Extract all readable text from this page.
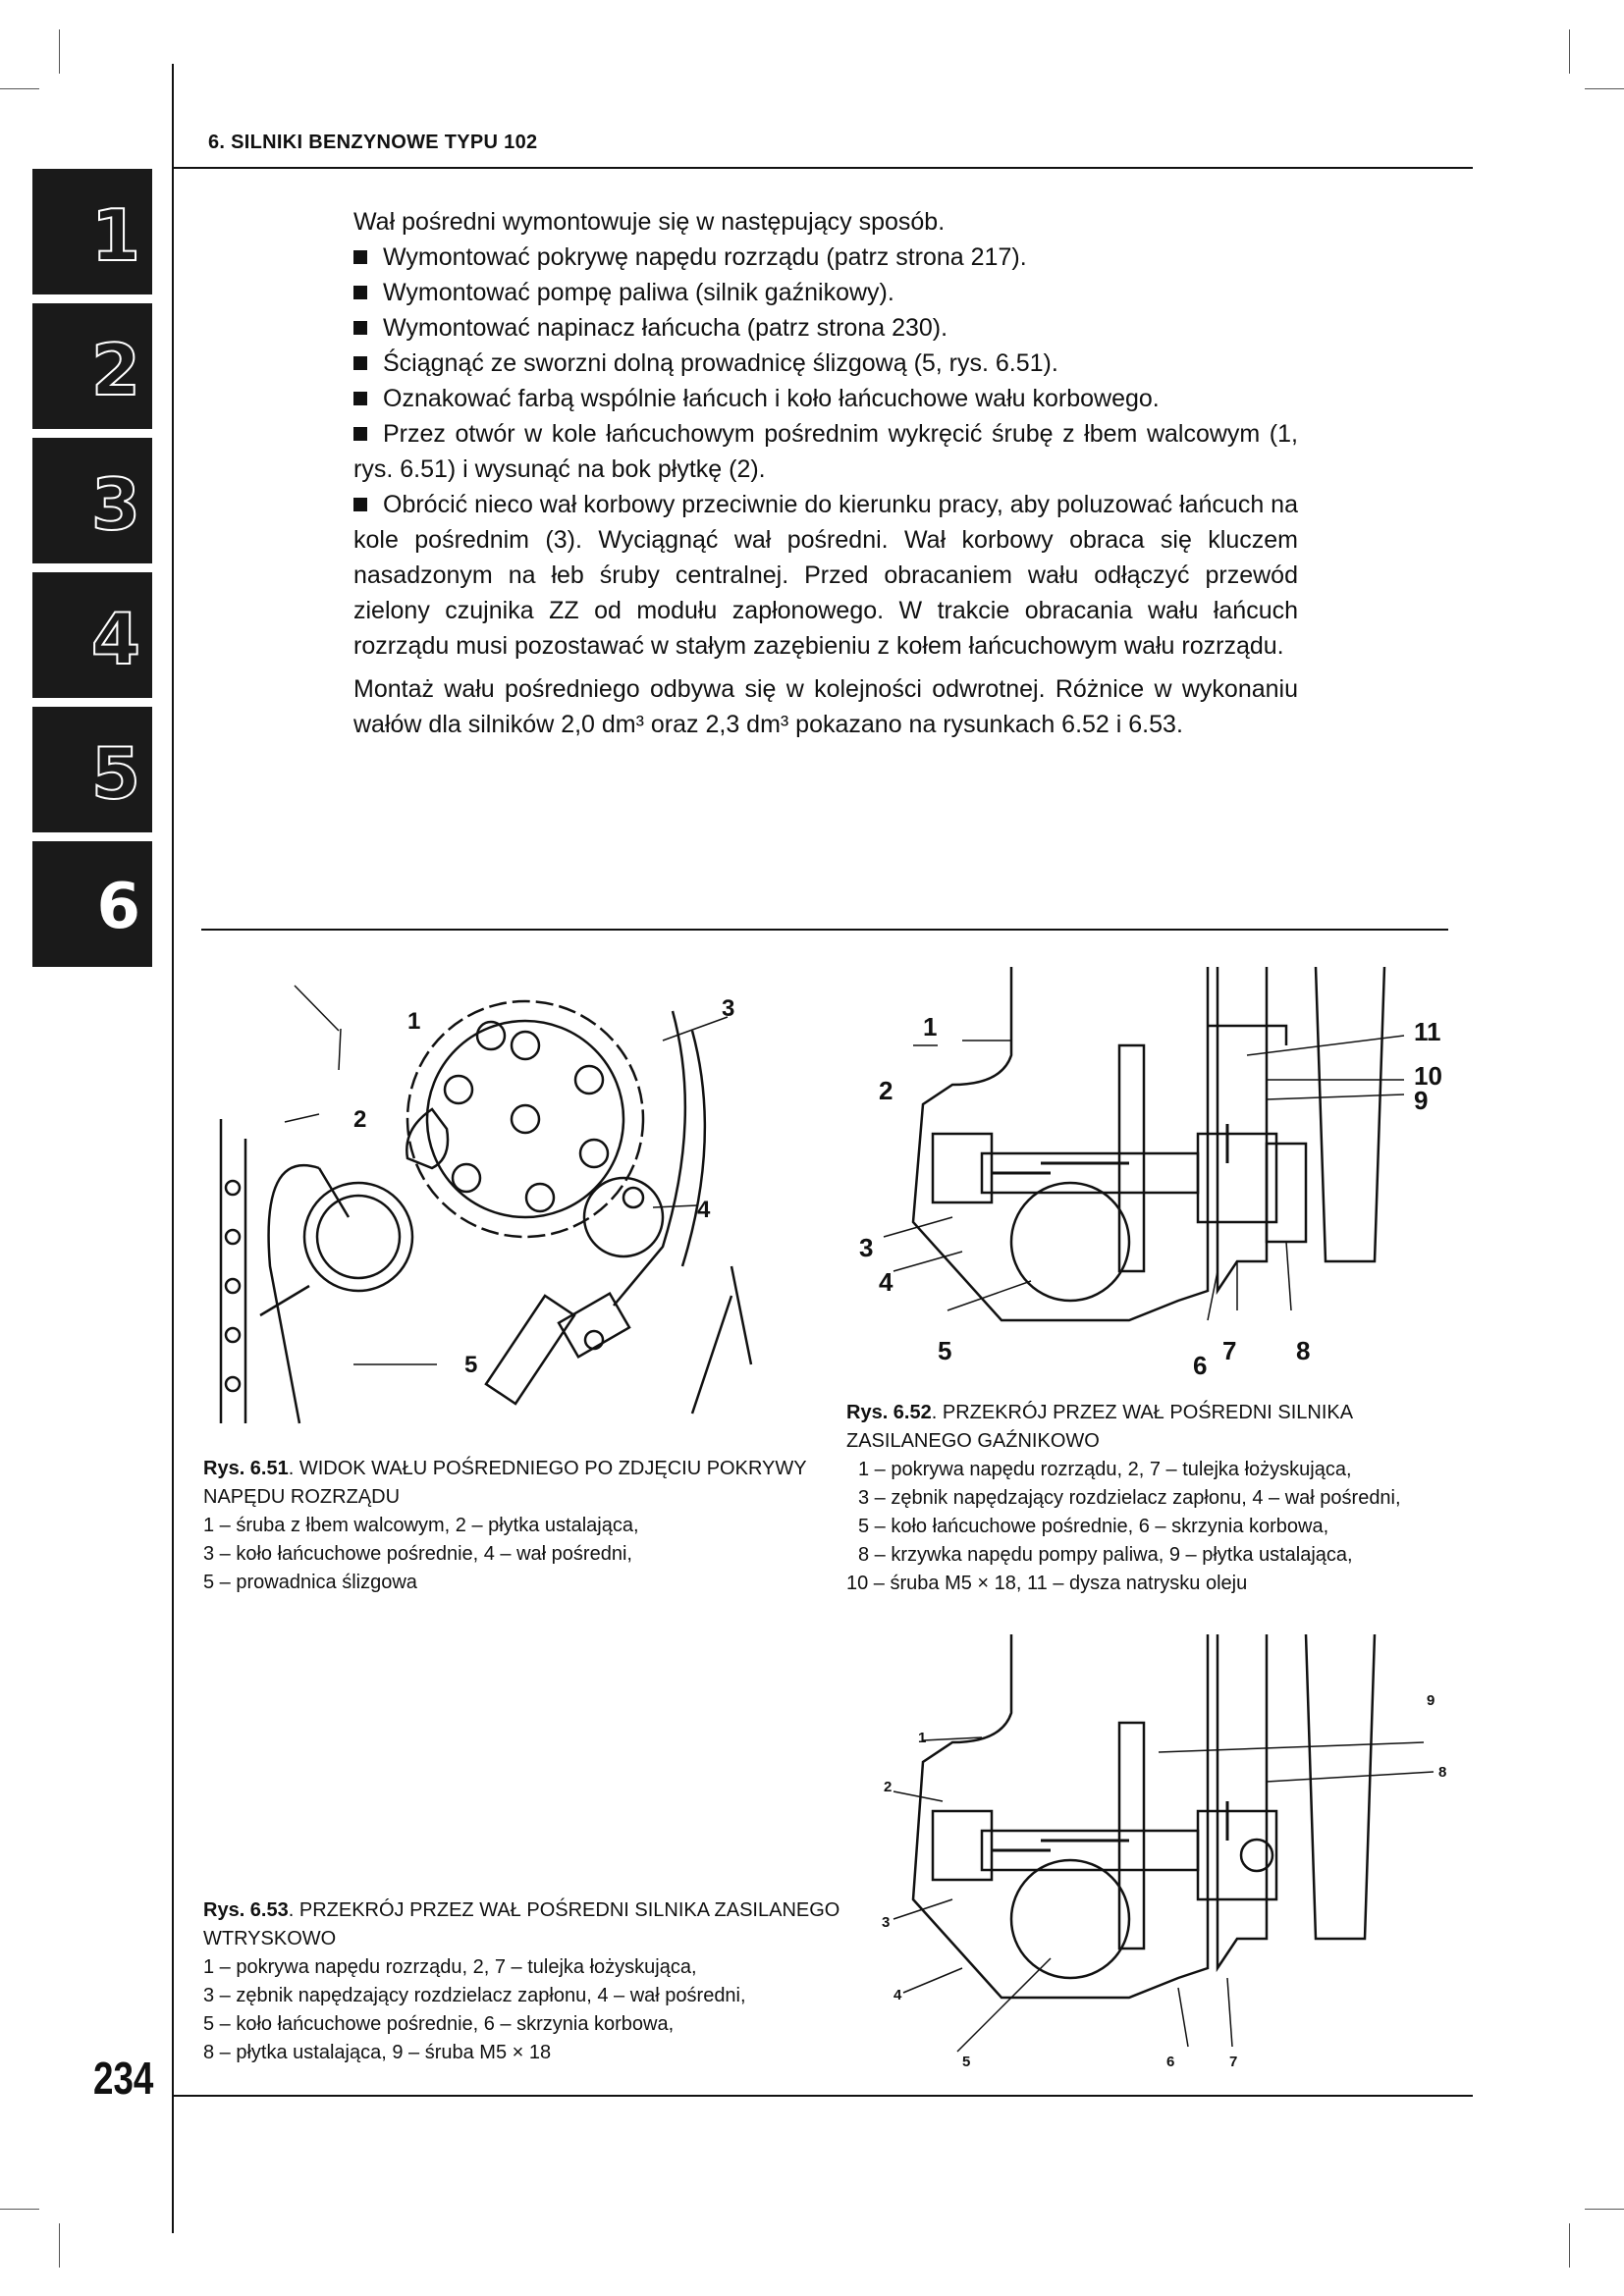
6. SILNIKI BENZYNOWE TYPU 102
1
2
3
4
5
6

Wał pośredni wymontowuje się w następujący sposób.

Wymontować pokrywę napędu rozrządu (patrz strona 217).

Wymontować pompę paliwa (silnik gaźnikowy).

Wymontować napinacz łańcucha (patrz strona 230).

Ściągnąć ze sworzni dolną prowadnicę ślizgową (5, rys. 6.51).

Oznakować farbą wspólnie łańcuch i koło łańcuchowe wału korbowego.

Przez otwór w kole łańcuchowym pośrednim wykręcić śrubę z łbem walcowym (1, rys. 6.51) i wysunąć na bok płytkę (2).

Obrócić nieco wał korbowy przeciwnie do kierunku pracy, aby poluzować łańcuch na kole pośrednim (3). Wyciągnąć wał pośredni. Wał korbowy obraca się kluczem nasadzonym na łeb śruby centralnej. Przed obracaniem wału odłączyć przewód zielony czujnika ZZ od modułu zapłonowego. W trakcie obracania wału łańcuch rozrządu musi pozostawać w stałym zazębieniu z kołem łańcuchowym wału rozrządu.

Montaż wału pośredniego odbywa się w kolejności odwrotnej. Różnice w wykonaniu wałów dla silników 2,0 dm³ oraz 2,3 dm³ pokazano na rysunkach 6.52 i 6.53.

1
2
3
4
5
Rys. 6.51. WIDOK WAŁU POŚREDNIEGO PO ZDJĘCIU POKRYWY NAPĘDU ROZRZĄDU
1 – śruba z łbem walcowym, 2 – płytka ustalająca,
3 – koło łańcuchowe pośrednie, 4 – wał pośredni,
5 – prowadnica ślizgowa
1
2
3
4
5	6 7 8
9
10
11
Rys. 6.52. PRZEKRÓJ PRZEZ WAŁ POŚREDNI SILNIKA ZASILANEGO GAŹNIKOWO
1 – pokrywa napędu rozrządu, 2, 7 – tulejka łożyskująca,
3 – zębnik napędzający rozdzielacz zapłonu, 4 – wał pośredni,
5 – koło łańcuchowe pośrednie, 6 – skrzynia korbowa,
8 – krzywka napędu pompy paliwa, 9 – płytka ustalająca,
10 – śruba M5 × 18, 11 – dysza natrysku oleju
1
2
3
4
5	6	7
8
9
Rys. 6.53. PRZEKRÓJ PRZEZ WAŁ POŚREDNI SILNIKA ZASILANEGO WTRYSKOWO
1 – pokrywa napędu rozrządu, 2, 7 – tulejka łożyskująca,
3 – zębnik napędzający rozdzielacz zapłonu, 4 – wał pośredni,
5 – koło łańcuchowe pośrednie, 6 – skrzynia korbowa,
8 – płytka ustalająca, 9 – śruba M5 × 18
234
